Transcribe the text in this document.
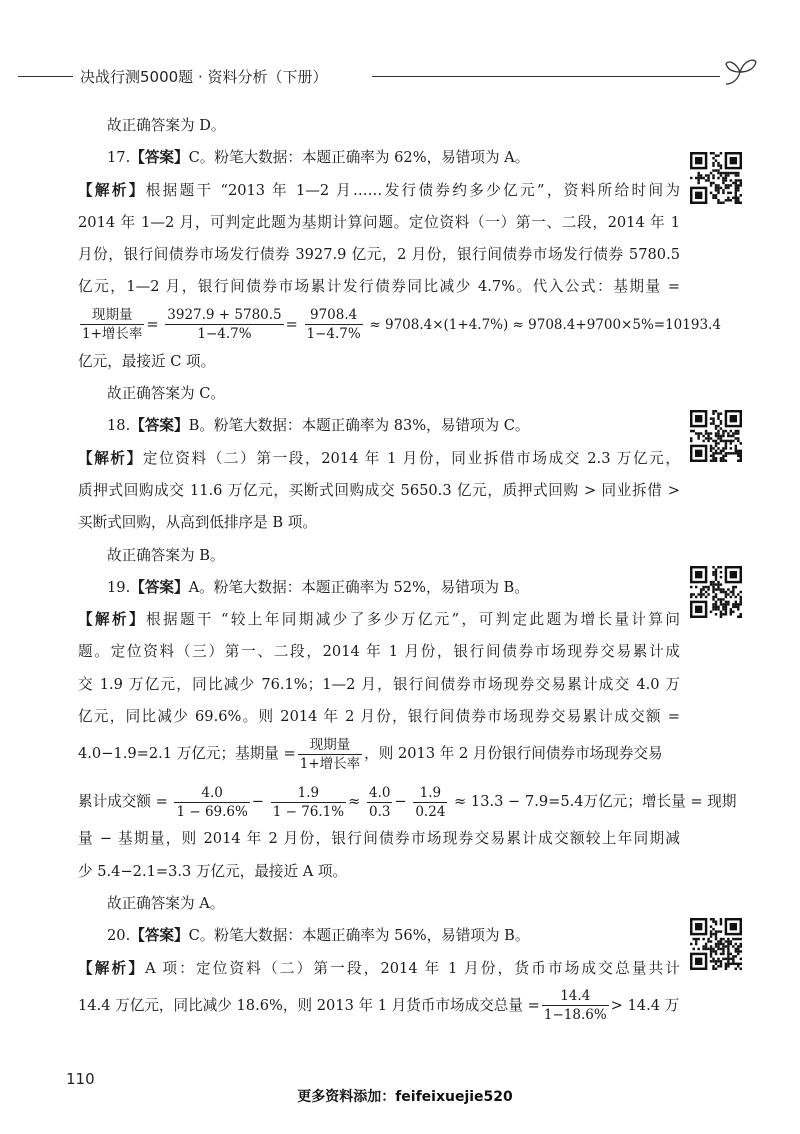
决战行测5000题 · 资料分析（下册）

故正确答案为 D。

17.【答案】C。粉笔大数据：本题正确率为 62%，易错项为 A。

【解析】根据题干 “2013 年 1—2 月……发行债券约多少亿元”，资料所给时间为

2014 年 1—2 月，可判定此题为基期计算问题。定位资料（一）第一、二段，2014 年 1

月份，银行间债券市场发行债券 3927.9 亿元，2 月份，银行间债券市场发行债券 5780.5

亿元，1—2 月，银行间债券市场累计发行债券同比减少 4.7%。代入公式：基期量 =

$\frac{\text{现期量}}{\text{1+增长率}} = \frac{3927.9 + 5780.5}{1-4.7\%} = \frac{9708.4}{1-4.7\%} \approx 9708.4\times(1+4.7\%) \approx 9708.4+9700\times 5\%=10193.4$

亿元，最接近 C 项。

故正确答案为 C。

18.【答案】B。粉笔大数据：本题正确率为 83%，易错项为 C。

【解析】定位资料（二）第一段，2014 年 1 月份，同业拆借市场成交 2.3 万亿元，

质押式回购成交 11.6 万亿元，买断式回购成交 5650.3 亿元，质押式回购 > 同业拆借 >

买断式回购，从高到低排序是 B 项。

故正确答案为 B。

19.【答案】A。粉笔大数据：本题正确率为 52%，易错项为 B。

【解析】根据题干 “较上年同期减少了多少万亿元”，可判定此题为增长量计算问

题。定位资料（三）第一、二段，2014 年 1 月份，银行间债券市场现券交易累计成

交 1.9 万亿元，同比减少 76.1%；1—2 月，银行间债券市场现券交易累计成交 4.0 万

亿元，同比减少 69.6%。则 2014 年 2 月份，银行间债券市场现券交易累计成交额 =

4.0−1.9=2.1 万亿元；基期量 = $\frac{\text{现期量}}{\text{1+增长率}}$ ，则 2013 年 2 月份银行间债券市场现券交易

累计成交额 = $\frac{4.0}{1 - 69.6\%} - \frac{1.9}{1 - 76.1\%} \approx \frac{4.0}{0.3} - \frac{1.9}{0.24} \approx 13.3 - 7.9=5.4$万亿元；增长量 = 现期

量 − 基期量，则 2014 年 2 月份，银行间债券市场现券交易累计成交额较上年同期减

少 5.4−2.1=3.3 万亿元，最接近 A 项。

故正确答案为 A。

20.【答案】C。粉笔大数据：本题正确率为 56%，易错项为 B。

【解析】A 项：定位资料（二）第一段，2014 年 1 月份，货币市场成交总量共计

14.4 万亿元，同比减少 18.6%，则 2013 年 1 月货币市场成交总量 = $\frac{14.4}{1-18.6\%} > 14.4$ 万

110
更多资料添加：feifeixuejie520
